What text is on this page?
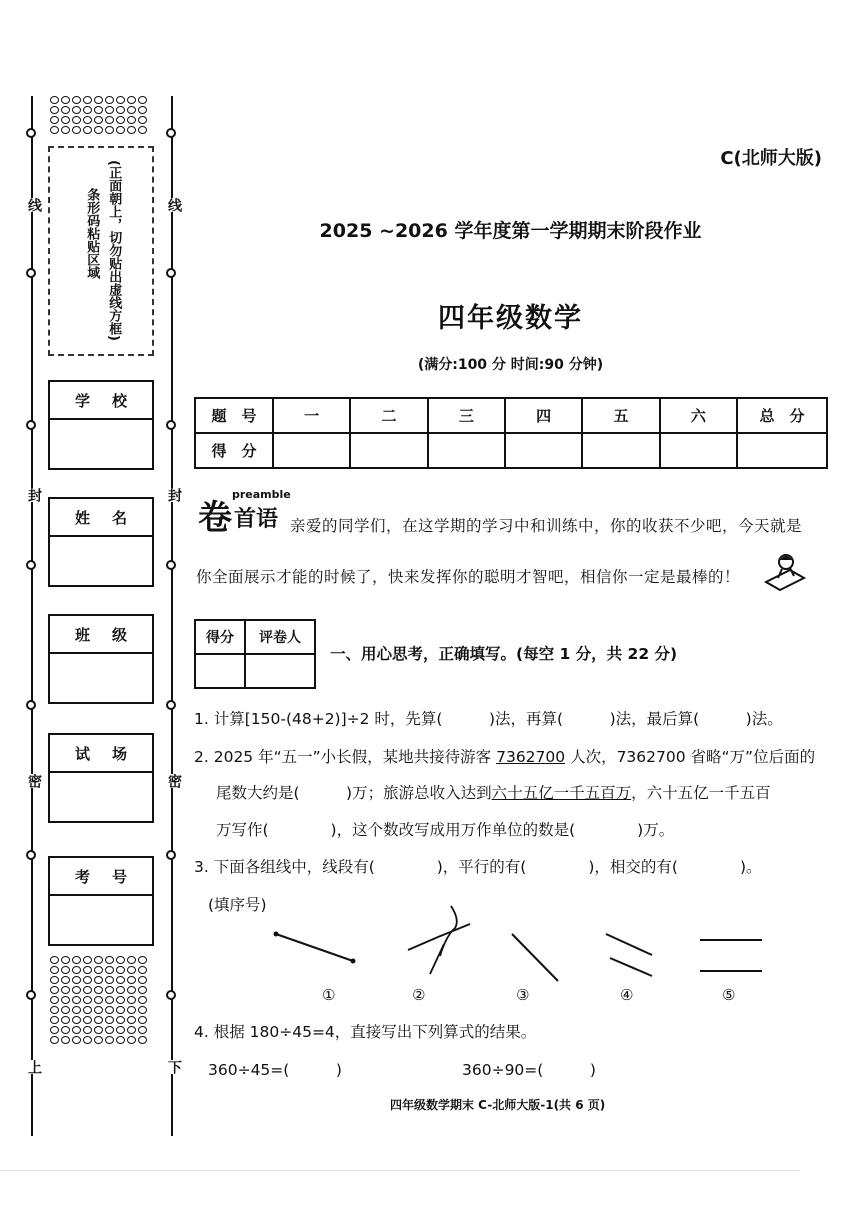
线	线
封	封
密	密
上	下
(正面朝上，切勿贴出虚线方框)
条形码粘贴区域
学校
姓名
班级
试场
考号
C(北师大版)
2025 ~2026 学年度第一学期期末阶段作业
四年级数学
(满分:100 分 时间:90 分钟)
题　号	一	二	三	四	五	六	总　分
得　分							
卷
preamble
首语 亲爱的同学们，在这学期的学习中和训练中，你的收获不少吧，今天就是
你全面展示才能的时候了，快来发挥你的聪明才智吧，相信你一定是最棒的！
得分	评卷人

一、用心思考，正确填写。(每空 1 分，共 22 分)
1. 计算[150-(48+2)]÷2 时，先算(　　　)法，再算(　　　)法，最后算(　　　)法。
2. 2025 年“五一”小长假，某地共接待游客 7362700 人次，7362700 省略“万”位后面的
尾数大约是(　　　)万；旅游总收入达到六十五亿一千五百万，六十五亿一千五百
万写作(　　　　)，这个数改写成用万作单位的数是(　　　　)万。
3. 下面各组线中，线段有(　　　　)，平行的有(　　　　)，相交的有(　　　　)。
(填序号)
①	②	③	④	⑤
4. 根据 180÷45=4，直接写出下列算式的结果。
360÷45=(　　　)	360÷90=(　　　)
四年级数学期末 C-北师大版-1(共 6 页)
